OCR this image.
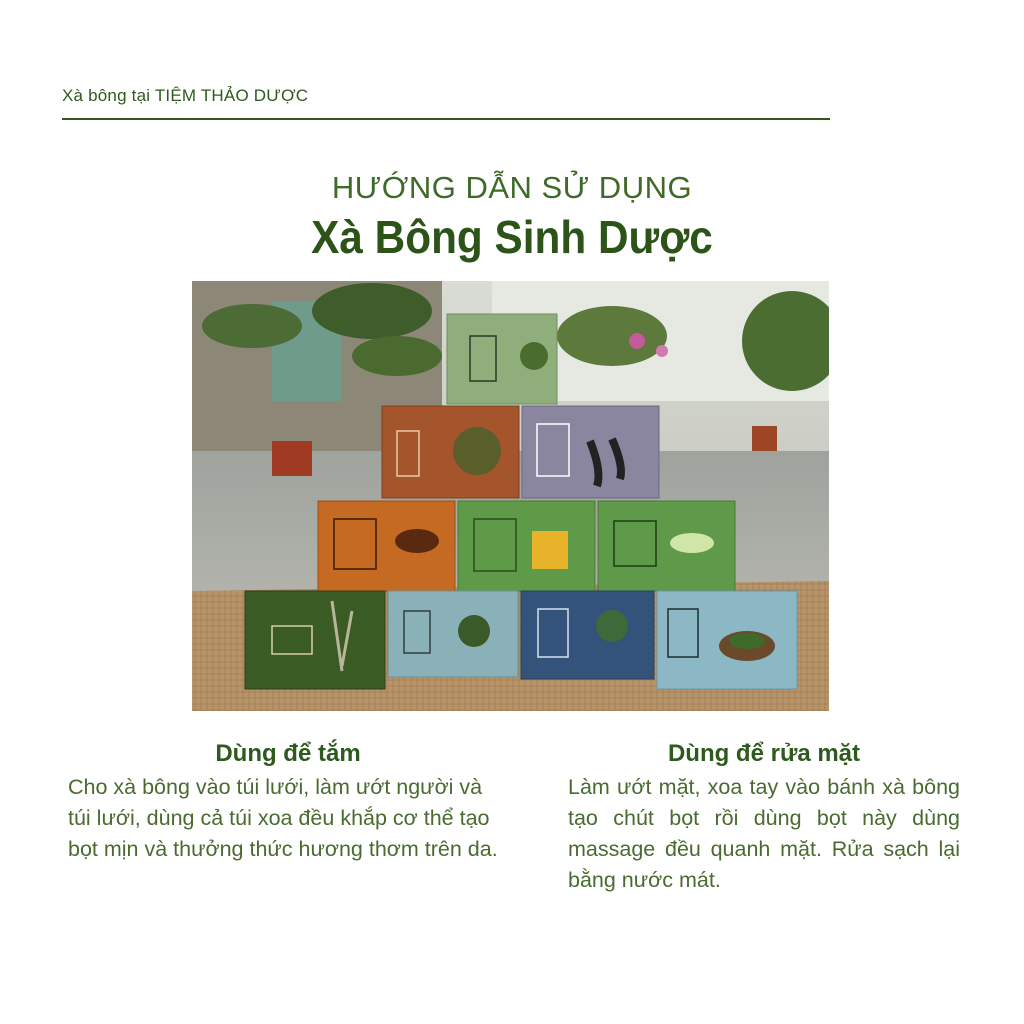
Xà bông tại TIỆM THẢO DƯỢC
HƯỚNG DẪN SỬ DỤNG
Xà Bông Sinh Dược
Dùng để tắm

Cho xà bông vào túi lưới, làm ướt người và túi lưới, dùng cả túi xoa đều khắp cơ thể tạo bọt mịn và thưởng thức hương thơm trên da.

Dùng để rửa mặt

Làm ướt mặt, xoa tay vào bánh xà bông tạo chút bọt rồi dùng bọt này dùng massage đều quanh mặt. Rửa sạch lại bằng nước mát.
